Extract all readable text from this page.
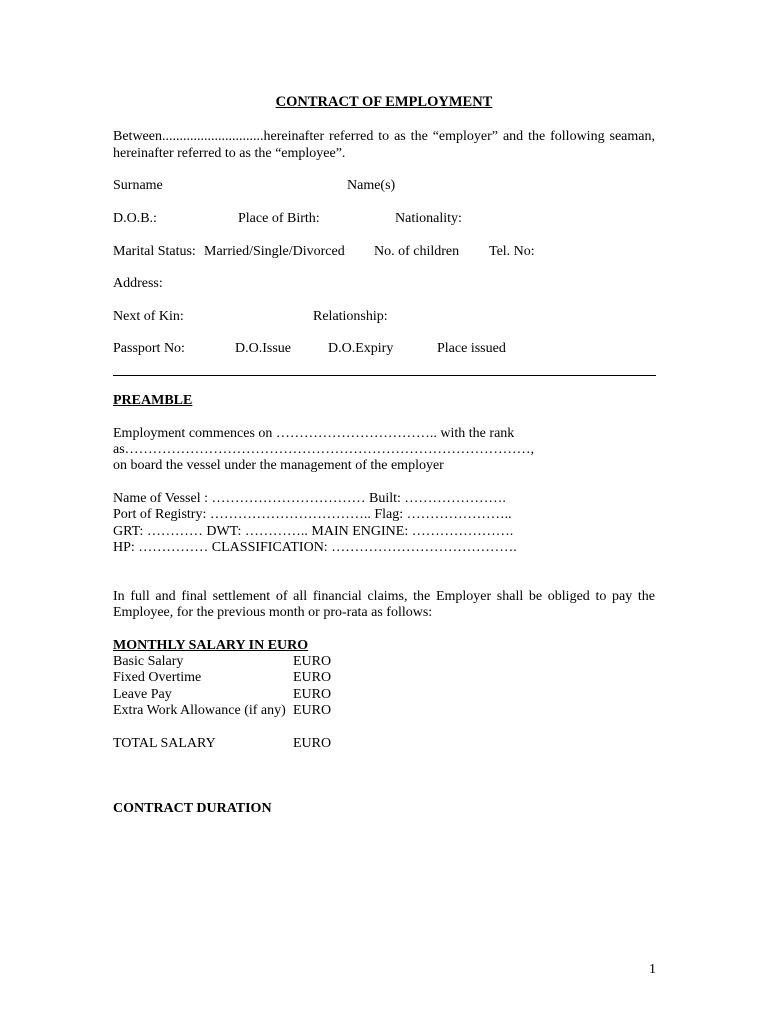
CONTRACT OF EMPLOYMENT
Between.............................hereinafter referred to as the “employer” and the following seaman,
hereinafter referred to as the “employee”.
Surname	Name(s)
D.O.B.:	Place of Birth:	Nationality:
Marital Status: Married/Single/Divorced No. of children Tel. No:
Address:
Next of Kin:	Relationship:
Passport No:	D.O.Issue	D.O.Expiry	Place issued
PREAMBLE
Employment commences on …………………………….. with the rank
as……………………………………………………………………………,
on board the vessel under the management of the employer
Name of Vessel : …………………………… Built: ………………….
Port of Registry: …………………………….. Flag: …………………..
GRT: ………… DWT: ………….. MAIN ENGINE: ………………….
HP: …………… CLASSIFICATION: ………………………………….
In full and final settlement of all financial claims, the Employer shall be obliged to pay the
Employee, for the previous month or pro-rata as follows:
MONTHLY SALARY IN EURO
Basic Salary	EURO
Fixed Overtime	EURO
Leave Pay	EURO
Extra Work Allowance (if any) EURO
TOTAL SALARY	EURO
CONTRACT DURATION
1
